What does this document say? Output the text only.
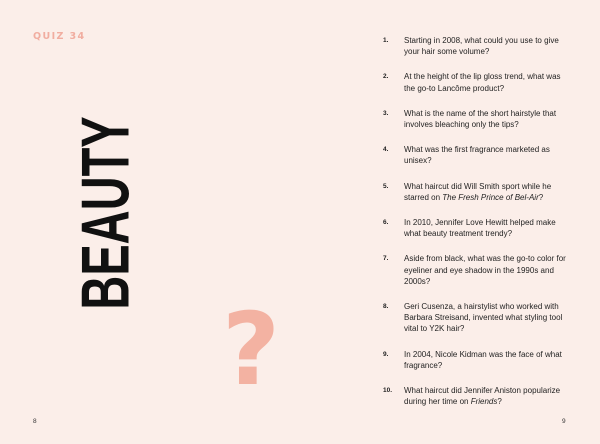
QUIZ 34
BEAUTY
?
8
1.	Starting in 2008, what could you use to give your hair some volume?
2.	At the height of the lip gloss trend, what was the go-to Lancôme product?
3.	What is the name of the short hairstyle that involves bleaching only the tips?
4.	What was the first fragrance marketed as unisex?
5.	What haircut did Will Smith sport while he starred on The Fresh Prince of Bel-Air?
6.	In 2010, Jennifer Love Hewitt helped make what beauty treatment trendy?
7.	Aside from black, what was the go-to color for eyeliner and eye shadow in the 1990s and 2000s?
8.	Geri Cusenza, a hairstylist who worked with Barbara Streisand, invented what styling tool vital to Y2K hair?
9.	In 2004, Nicole Kidman was the face of what fragrance?
10.	What haircut did Jennifer Aniston popularize during her time on Friends?
9
